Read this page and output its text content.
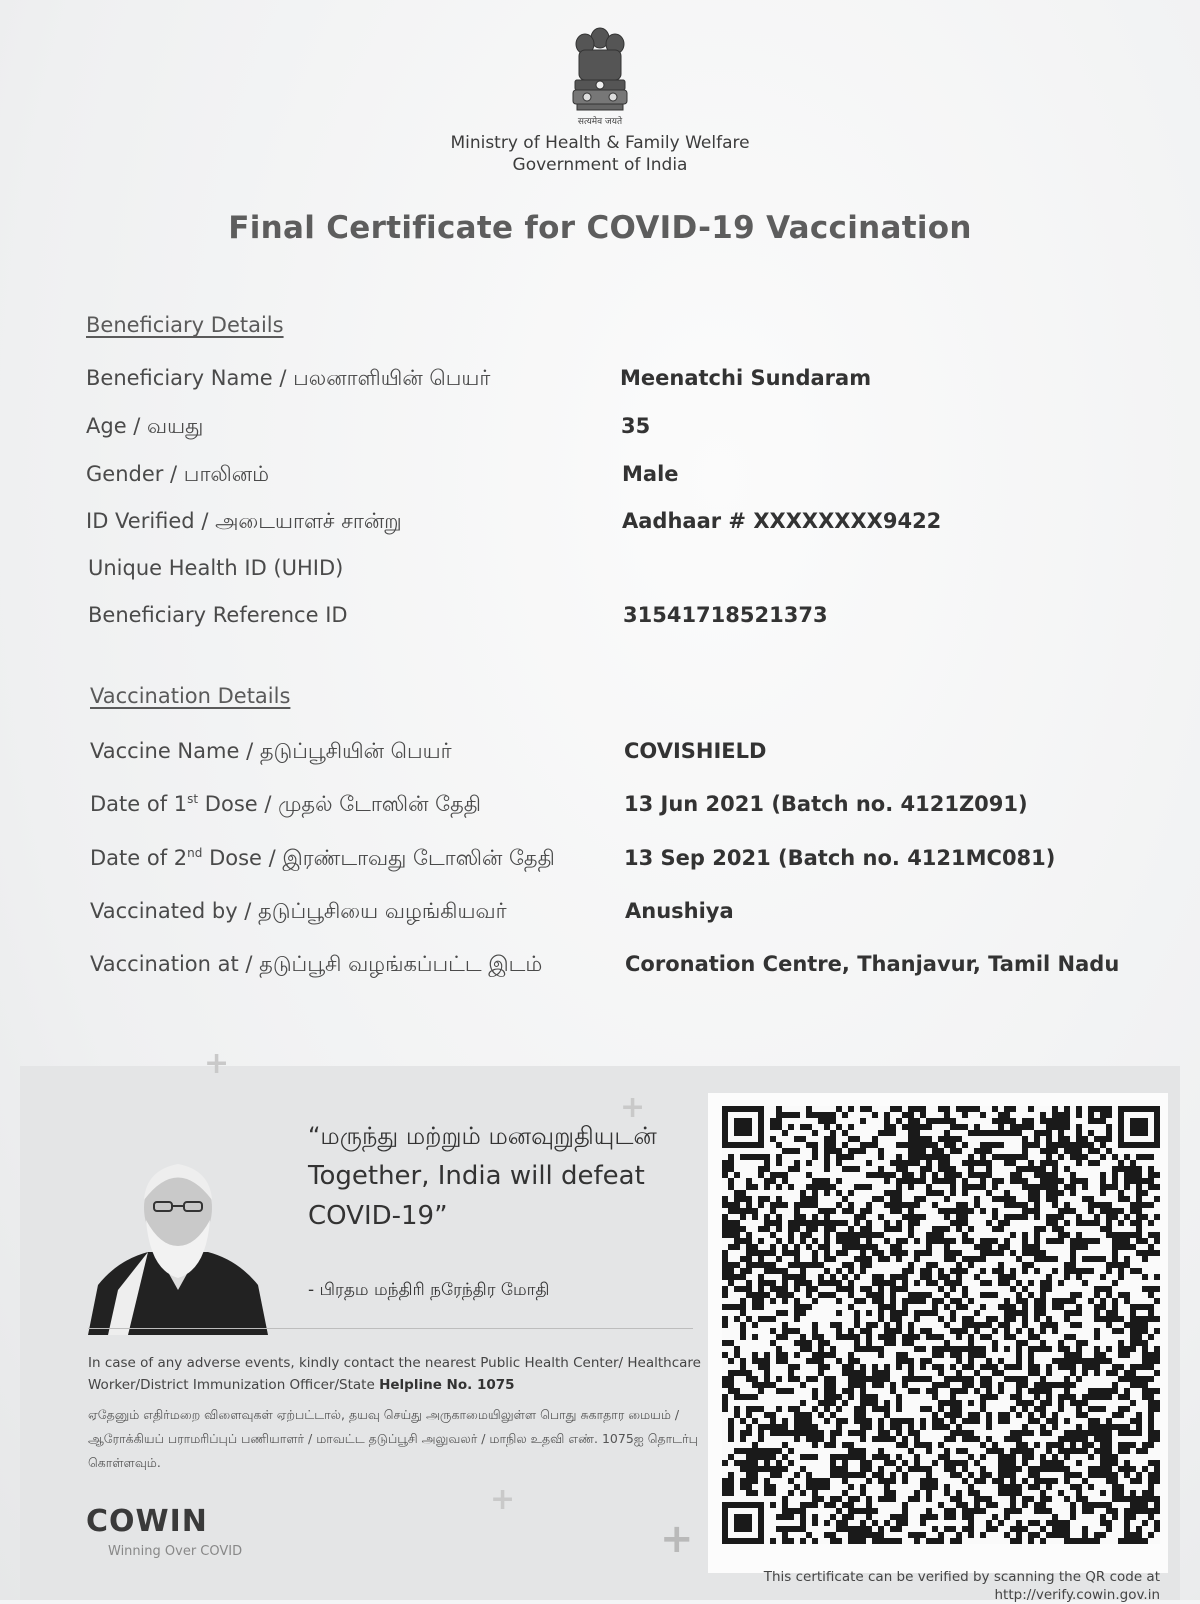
सत्यमेव जयते
Ministry of Health & Family Welfare
Government of India
Final Certificate for COVID-19 Vaccination
Beneficiary Details
Beneficiary Name / பலனாளியின் பெயர்	Meenatchi Sundaram
Age / வயது	35
Gender / பாலினம்	Male
ID Verified / அடையாளச் சான்று	Aadhaar # XXXXXXXX9422
Unique Health ID (UHID)
Beneficiary Reference ID	31541718521373
Vaccination Details
Vaccine Name / தடுப்பூசியின் பெயர்	COVISHIELD
Date of 1st Dose / முதல் டோஸின் தேதி	13 Jun 2021 (Batch no. 4121Z091)
Date of 2nd Dose / இரண்டாவது டோஸின் தேதி	13 Sep 2021 (Batch no. 4121MC081)
Vaccinated by / தடுப்பூசியை வழங்கியவர்	Anushiya
Vaccination at / தடுப்பூசி வழங்கப்பட்ட இடம்	Coronation Centre, Thanjavur, Tamil Nadu
+
+
+
+
“மருந்து மற்றும் மனவுறுதியுடன்
Together, India will defeat COVID-19”
- பிரதம மந்திரி நரேந்திர மோதி
In case of any adverse events, kindly contact the nearest Public Health Center/ Healthcare Worker/District Immunization Officer/State Helpline No. 1075
ஏதேனும் எதிர்மறை விளைவுகள் ஏற்பட்டால், தயவு செய்து அருகாமையிலுள்ள பொது சுகாதார மையம் / ஆரோக்கியப் பராமரிப்புப் பணியாளர் / மாவட்ட தடுப்பூசி அலுவலர் / மாநில உதவி எண். 1075ஐ தொடர்பு கொள்ளவும்.
COWIN
Winning Over COVID
This certificate can be verified by scanning the QR code at
http://verify.cowin.gov.in
